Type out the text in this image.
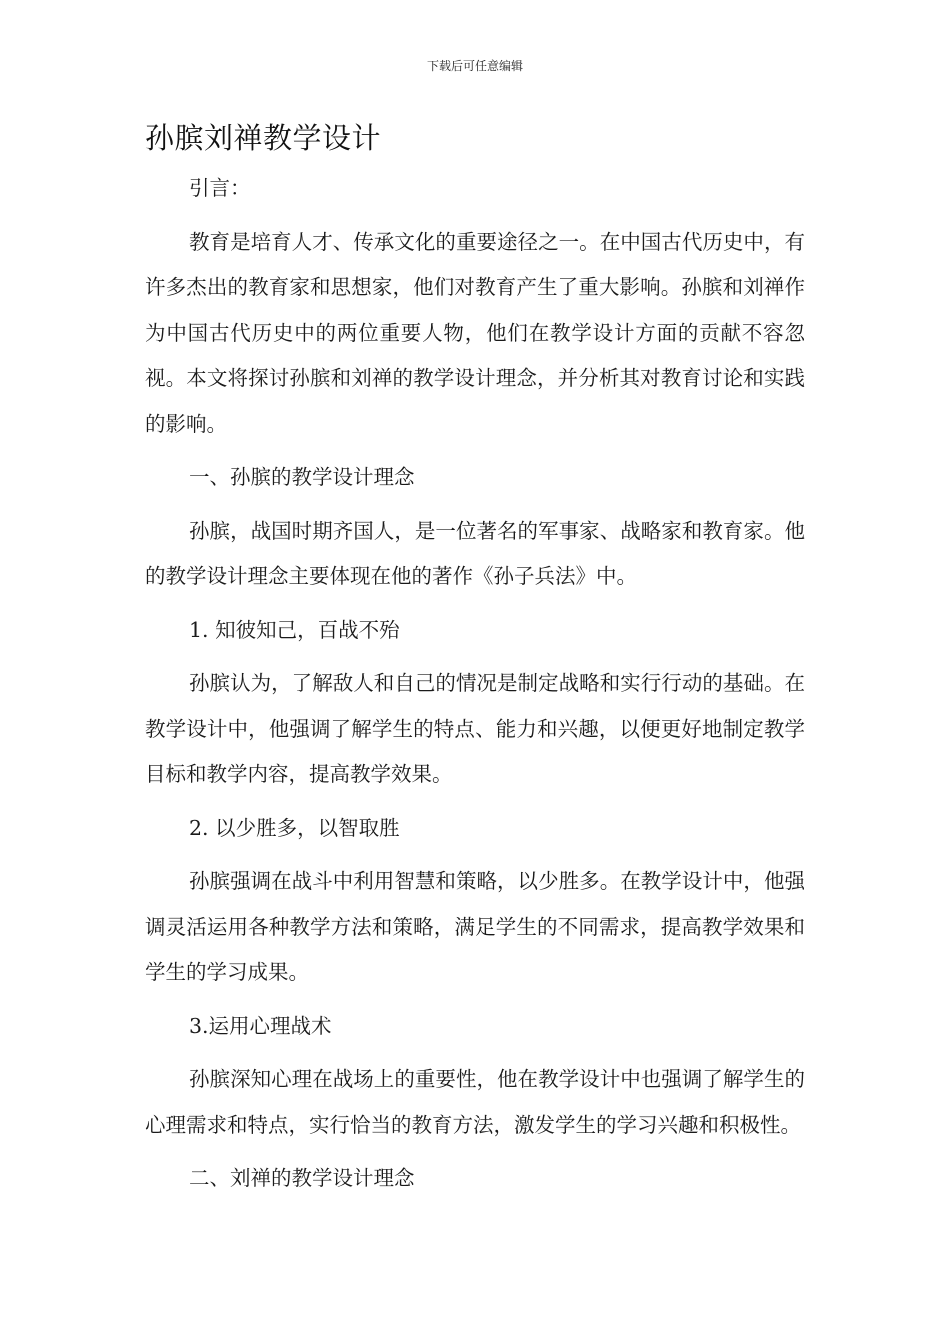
下载后可任意编辑
孙膑刘禅教学设计

引言：

教育是培育人才、传承文化的重要途径之一。在中国古代历史中，有许多杰出的教育家和思想家，他们对教育产生了重大影响。孙膑和刘禅作为中国古代历史中的两位重要人物，他们在教学设计方面的贡献不容忽视。本文将探讨孙膑和刘禅的教学设计理念，并分析其对教育讨论和实践的影响。

一、孙膑的教学设计理念

孙膑，战国时期齐国人，是一位著名的军事家、战略家和教育家。他的教学设计理念主要体现在他的著作《孙子兵法》中。

1. 知彼知己，百战不殆

孙膑认为，了解敌人和自己的情况是制定战略和实行行动的基础。在教学设计中，他强调了解学生的特点、能力和兴趣，以便更好地制定教学目标和教学内容，提高教学效果。

2. 以少胜多，以智取胜

孙膑强调在战斗中利用智慧和策略，以少胜多。在教学设计中，他强调灵活运用各种教学方法和策略，满足学生的不同需求，提高教学效果和学生的学习成果。

3.运用心理战术

孙膑深知心理在战场上的重要性，他在教学设计中也强调了解学生的心理需求和特点，实行恰当的教育方法，激发学生的学习兴趣和积极性。

二、刘禅的教学设计理念
